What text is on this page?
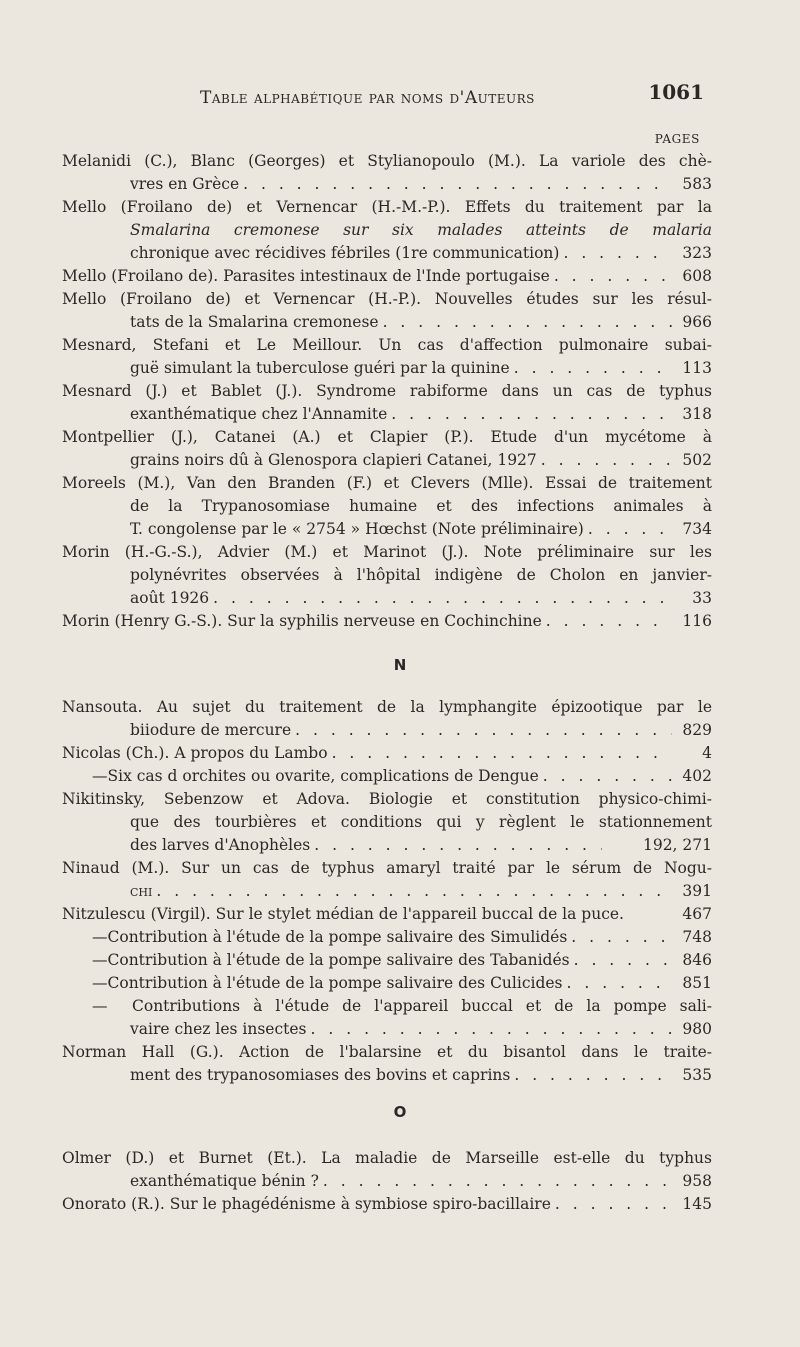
Table alphabétique par noms d'Auteurs	1061
PAGES
Melanidi (C.), Blanc (Georges) et Stylianopoulo (M.). La variole des chè-
vres en Grèce . . .	583
Mello (Froilano de) et Vernencar (H.-M.-P.). Effets du traitement par la
Smalarina cremonese sur six malades atteints de malaria
chronique avec récidives fébriles (1re communication) . . .	323
Mello (Froilano de). Parasites intestinaux de l'Inde portugaise . . .	608
Mello (Froilano de) et Vernencar (H.-P.). Nouvelles études sur les résul-
tats de la Smalarina cremonese . . .	966
Mesnard, Stefani et Le Meillour. Un cas d'affection pulmonaire subai-
guë simulant la tuberculose guéri par la quinine . . .	113
Mesnard (J.) et Bablet (J.). Syndrome rabiforme dans un cas de typhus
exanthématique chez l'Annamite . . .	318
Montpellier (J.), Catanei (A.) et Clapier (P.). Etude d'un mycétome à
grains noirs dû à Glenospora clapieri Catanei, 1927 . . .	502
Moreels (M.), Van den Branden (F.) et Clevers (Mlle). Essai de traitement
de la Trypanosomiase humaine et des infections animales à
T. congolense par le « 2754 » Hœchst (Note préliminaire) . . .	734
Morin (H.-G.-S.), Advier (M.) et Marinot (J.). Note préliminaire sur les
polynévrites observées à l'hôpital indigène de Cholon en janvier-
août 1926 . . .	33
Morin (Henry G.-S.). Sur la syphilis nerveuse en Cochinchine . . .	116
N
Nansouta. Au sujet du traitement de la lymphangite épizootique par le
biiodure de mercure . . .	829
Nicolas (Ch.). A propos du Lambo . . .	4
— Six cas d orchites ou ovarite, complications de Dengue . . .	402
Nikitinsky, Sebenzow et Adova. Biologie et constitution physico-chimi-
que des tourbières et conditions qui y règlent le stationnement
des larves d'Anophèles . . .	192, 271
Ninaud (M.). Sur un cas de typhus amaryl traité par le sérum de Nogu-
chi . . .	391
Nitzulescu (Virgil). Sur le stylet médian de l'appareil buccal de la puce.	467
— Contribution à l'étude de la pompe salivaire des Simulidés . . .	748
— Contribution à l'étude de la pompe salivaire des Tabanidés . . .	846
— Contribution à l'étude de la pompe salivaire des Culicides . . .	851
—	Contributions à l'étude de l'appareil buccal et de la pompe sali-
vaire chez les insectes . . .	980
Norman Hall (G.). Action de l'balarsine et du bisantol dans le traite-
ment des trypanosomiases des bovins et caprins . . .	535
O
Olmer (D.) et Burnet (Et.). La maladie de Marseille est-elle du typhus
exanthématique bénin ? . . .	958
Onorato (R.). Sur le phagédénisme à symbiose spiro-bacillaire . . .	145
